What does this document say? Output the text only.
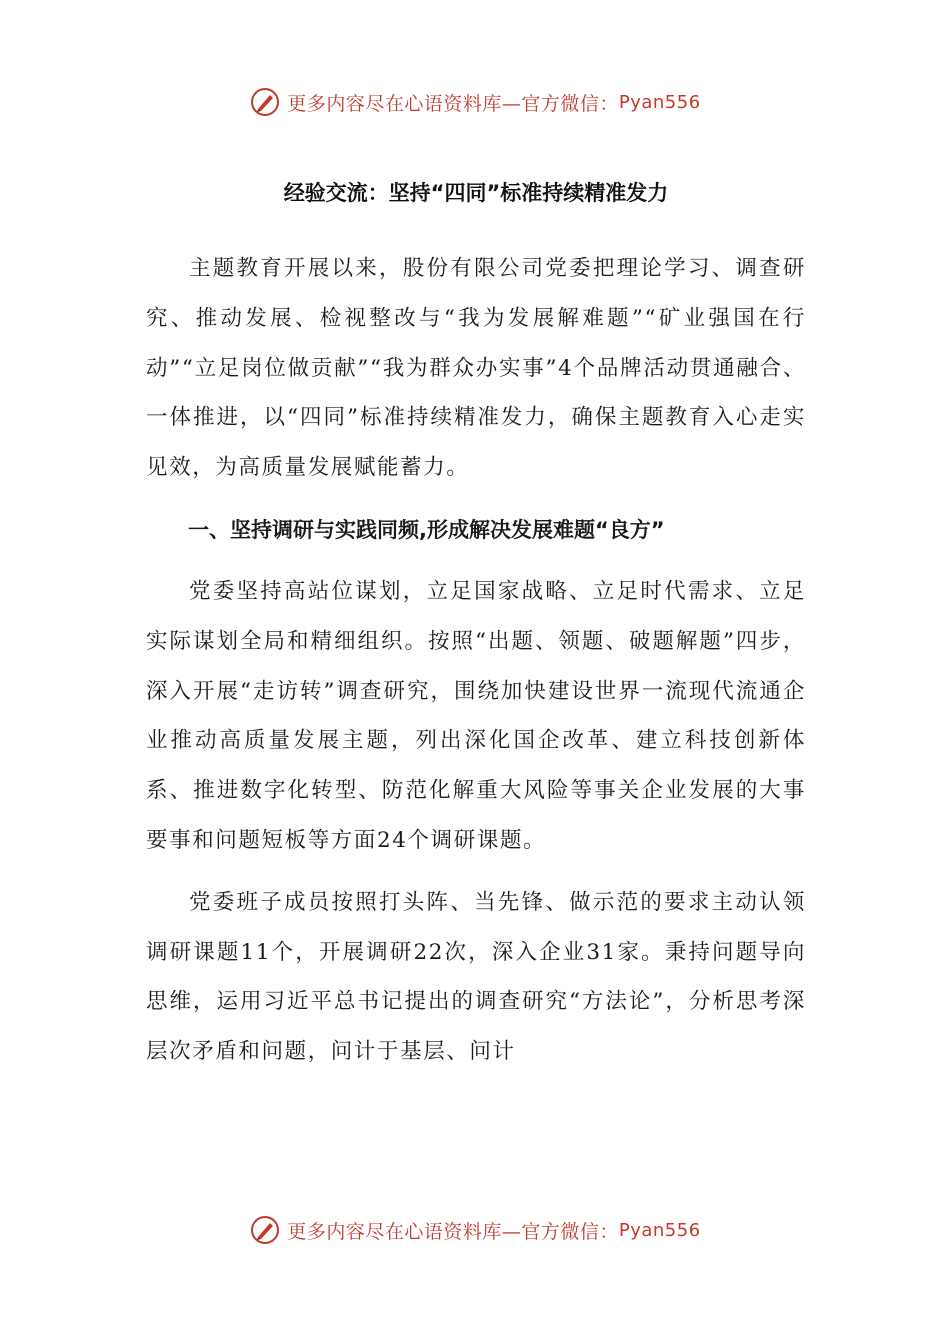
更多内容尽在心语资料库—官方微信： Pyan556
经验交流：坚持“四同”标准持续精准发力

主题教育开展以来，股份有限公司党委把理论学习、调查研究、推动发展、检视整改与“我为发展解难题”“矿业强国在行动”“立足岗位做贡献”“我为群众办实事”4个品牌活动贯通融合、一体推进，以“四同”标准持续精准发力，确保主题教育入心走实见效，为高质量发展赋能蓄力。

一、坚持调研与实践同频,形成解决发展难题“良方”

党委坚持高站位谋划，立足国家战略、立足时代需求、立足实际谋划全局和精细组织。按照“出题、领题、破题解题”四步，深入开展“走访转”调查研究，围绕加快建设世界一流现代流通企业推动高质量发展主题，列出深化国企改革、建立科技创新体系、推进数字化转型、防范化解重大风险等事关企业发展的大事要事和问题短板等方面24个调研课题。

党委班子成员按照打头阵、当先锋、做示范的要求主动认领调研课题11个，开展调研22次，深入企业31家。秉持问题导向思维，运用习近平总书记提出的调查研究“方法论”，分析思考深层次矛盾和问题，问计于基层、问计

更多内容尽在心语资料库—官方微信： Pyan556
